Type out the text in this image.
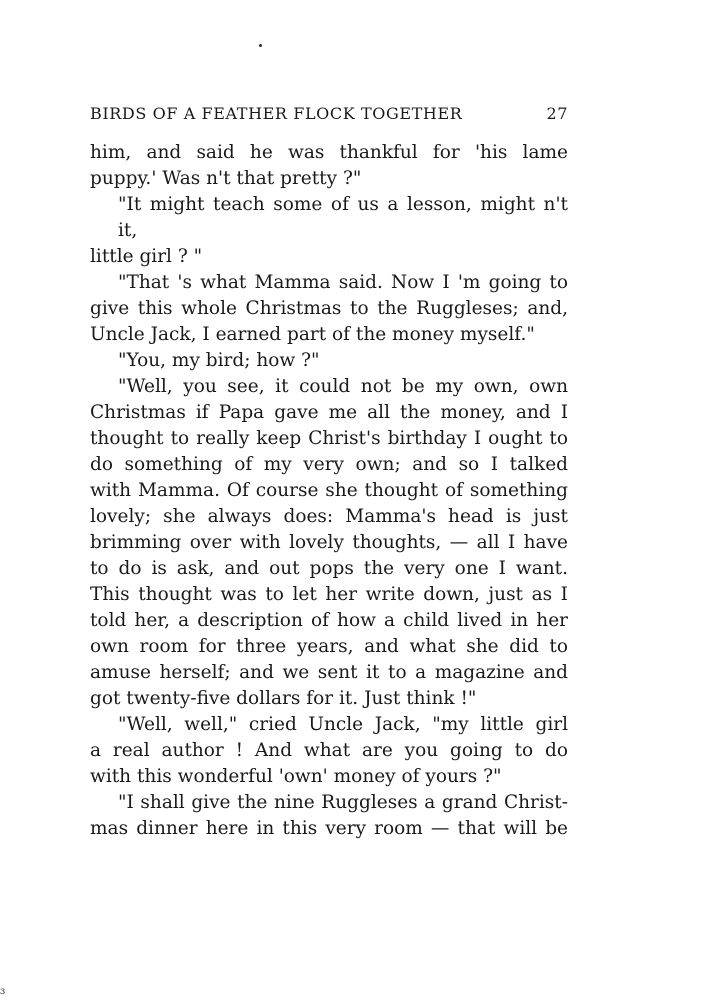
BIRDS OF A FEATHER FLOCK TOGETHER	27
him, and said he was thankful for 'his lame
puppy.' Was n't that pretty ?"
"It might teach some of us a lesson, might n't it,
little girl ? "
"That 's what Mamma said. Now I 'm going to
give this whole Christmas to the Ruggleses; and,
Uncle Jack, I earned part of the money myself."
"You, my bird; how ?"
"Well, you see, it could not be my own, own
Christmas if Papa gave me all the money, and I
thought to really keep Christ's birthday I ought to
do something of my very own; and so I talked
with Mamma. Of course she thought of something
lovely; she always does: Mamma's head is just
brimming over with lovely thoughts, — all I have
to do is ask, and out pops the very one I want.
This thought was to let her write down, just as I
told her, a description of how a child lived in her
own room for three years, and what she did to
amuse herself; and we sent it to a magazine and
got twenty-five dollars for it. Just think !"
"Well, well," cried Uncle Jack, "my little girl
a real author ! And what are you going to do
with this wonderful 'own' money of yours ?"
"I shall give the nine Ruggleses a grand Christ-
mas dinner here in this very room — that will be
ɜ
